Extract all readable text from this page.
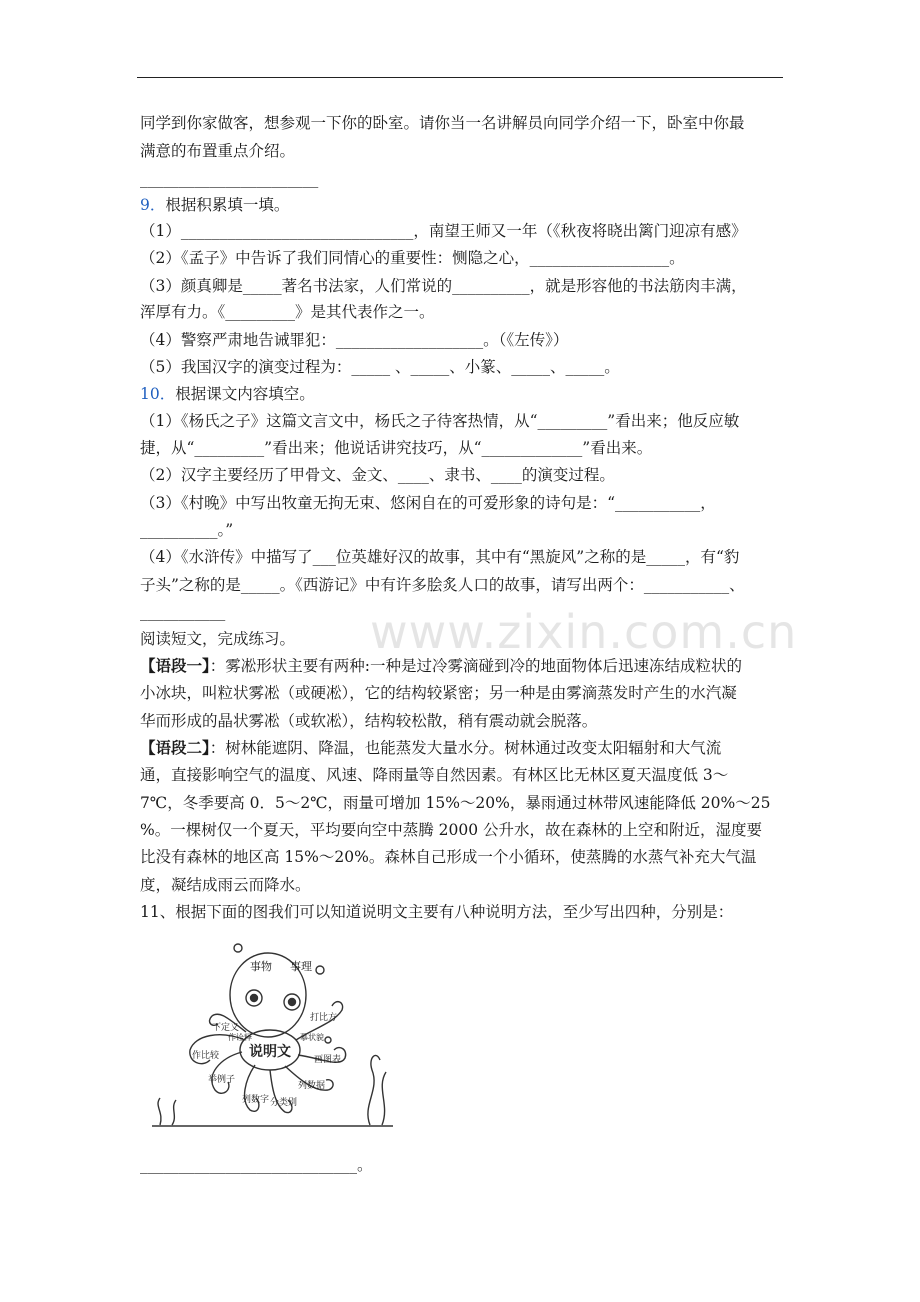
同学到你家做客，想参观一下你的卧室。请你当一名讲解员向同学介绍一下，卧室中你最
满意的布置重点介绍。
_______________________
9．根据积累填一填。
（1）______________________________，南望王师又一年（《秋夜将晓出篱门迎凉有感》
（2）《孟子》中告诉了我们同情心的重要性：恻隐之心，__________________。
（3）颜真卿是_____著名书法家，人们常说的__________，就是形容他的书法筋肉丰满，
浑厚有力。《_________》是其代表作之一。
（4）警察严肃地告诫罪犯：___________________。（《左传》）
（5）我国汉字的演变过程为：_____ 、_____、小篆、_____、_____。
10．根据课文内容填空。
（1）《杨氏之子》这篇文言文中，杨氏之子待客热情，从“_________”看出来；他反应敏
捷，从“_________”看出来；他说话讲究技巧，从“_____________”看出来。
（2）汉字主要经历了甲骨文、金文、____、隶书、____的演变过程。
（3）《村晚》中写出牧童无拘无束、悠闲自在的可爱形象的诗句是：“___________，
__________。”
（4）《水浒传》中描写了___位英雄好汉的故事，其中有“黑旋风”之称的是_____，有“豹
子头”之称的是_____。《西游记》中有许多脍炙人口的故事，请写出两个：___________、
___________
阅读短文，完成练习。
【语段一】：雾凇形状主要有两种:一种是过冷雾滴碰到冷的地面物体后迅速冻结成粒状的
小冰块，叫粒状雾凇（或硬凇），它的结构较紧密；另一种是由雾滴蒸发时产生的水汽凝
华而形成的晶状雾凇（或软凇），结构较松散，稍有震动就会脱落。
【语段二】：树林能遮阴、降温，也能蒸发大量水分。树林通过改变太阳辐射和大气流
通，直接影响空气的温度、风速、降雨量等自然因素。有林区比无林区夏天温度低 3～
7℃，冬季要高 0．5～2℃，雨量可增加 15%～20%，暴雨通过林带风速能降低 20%～25
%。一棵树仅一个夏天，平均要向空中蒸腾 2000 公升水，故在森林的上空和附近，湿度要
比没有森林的地区高 15%～20%。森林自己形成一个小循环，使蒸腾的水蒸气补充大气温
度，凝结成雨云而降水。
11、根据下面的图我们可以知道说明文主要有八种说明方法，至少写出四种，分别是：
说明文
事物 事理
列数字
打比方
画图表
作比较
举例子
下定义
分类别
列数据
作诠释	摹状貌
____________________________。
www.zixin.com.cn
